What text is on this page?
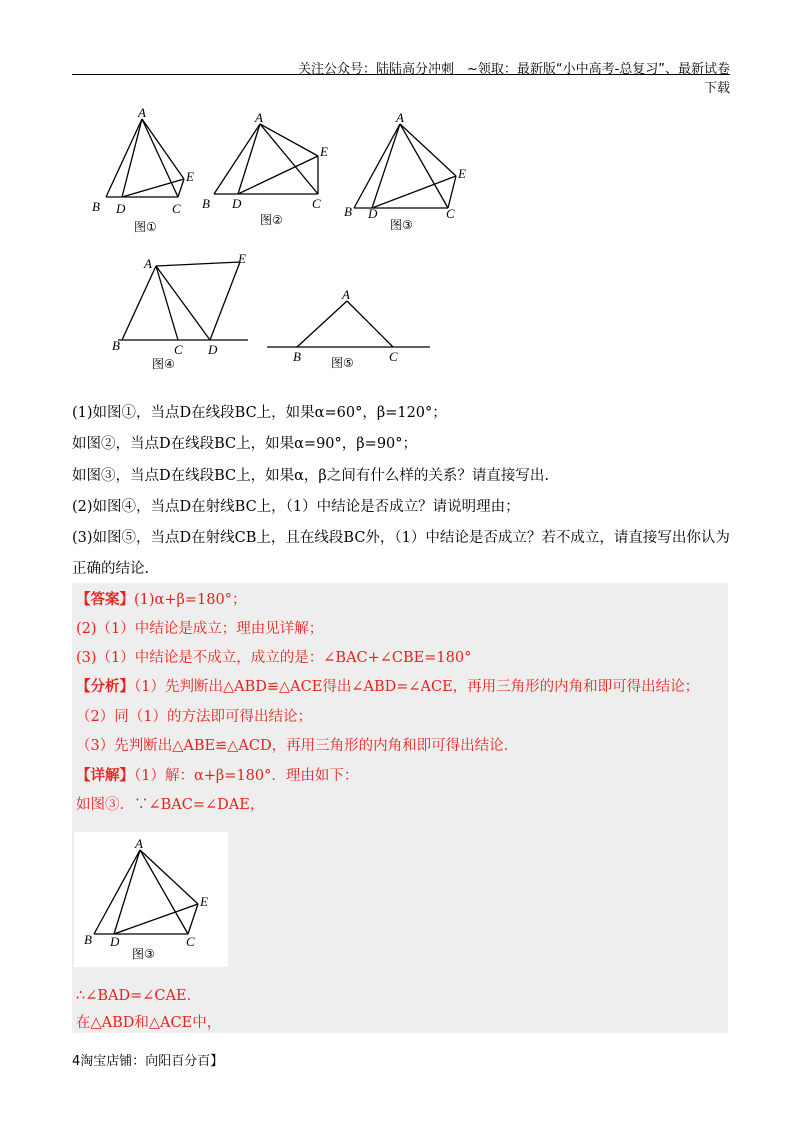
关注公众号：陆陆高分冲刺　~领取：最新版“小中高考-总复习”、最新试卷下载
A
B D	C
E
图①
A
B D	C
E
图②
A
B D	C
E
图③
A	E
B	C D
图④
A
B	C
图⑤
(1)如图①，当点D在线段BC上，如果α=60°，β=120°；
如图②，当点D在线段BC上，如果α=90°，β=90°；
如图③，当点D在线段BC上，如果α，β之间有什么样的关系？请直接写出.
(2)如图④，当点D在射线BC上，（1）中结论是否成立？请说明理由；
(3)如图⑤，当点D在射线CB上，且在线段BC外，（1）中结论是否成立？若不成立，请直接写出你认为
正确的结论.
【答案】(1)α+β=180°；
(2)（1）中结论是成立；理由见详解；
(3)（1）中结论是不成立，成立的是：∠BAC+∠CBE=180°
【分析】（1）先判断出△ABD≌△ACE得出∠ABD=∠ACE，再用三角形的内角和即可得出结论；
（2）同（1）的方法即可得出结论；
（3）先判断出△ABE≌△ACD，再用三角形的内角和即可得出结论.
【详解】（1）解：α+β=180°．理由如下：
如图③．∵∠BAC=∠DAE，
A
B D	C
E
图③
∴∠BAD=∠CAE．
在△ABD和△ACE中，
4淘宝店铺：向阳百分百】
